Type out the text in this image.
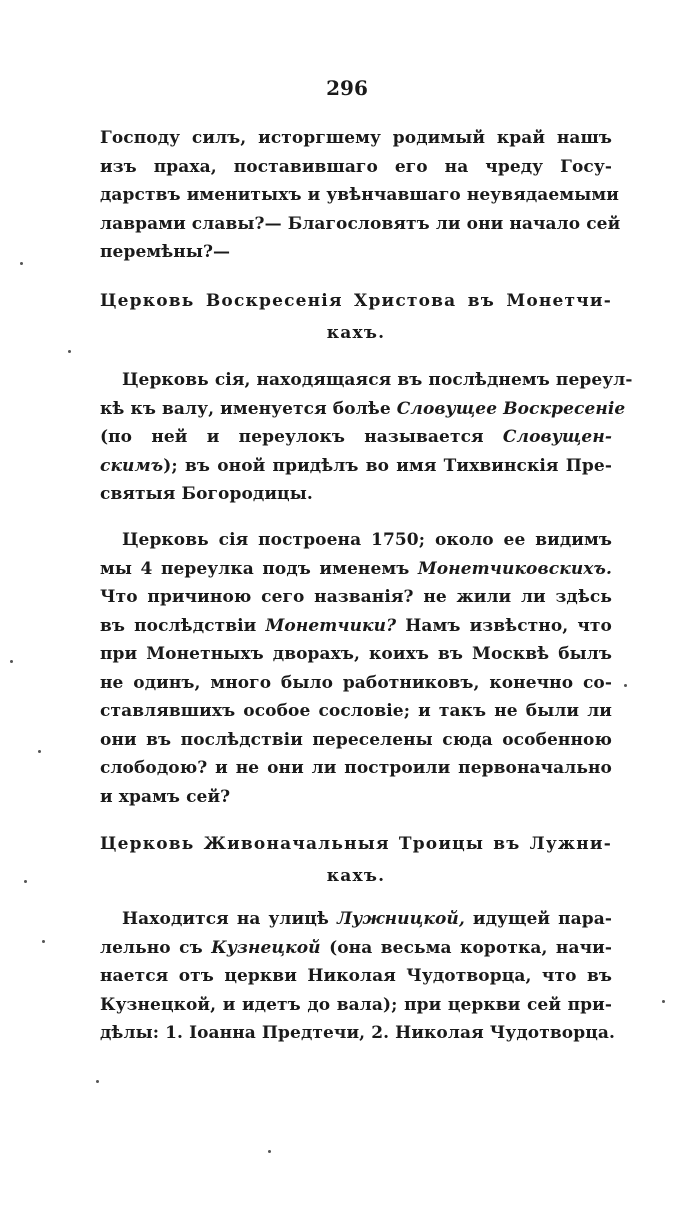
296
Господу силъ, исторгшему родимый край нашъ
изъ праха, поставившаго его на чреду Госу-
дарствъ именитыхъ и увѣнчавшаго неувядаемыми
лаврами славы?— Благословятъ ли они начало сей
перемѣны?—
Церковь Воскресенія Христова въ Монетчи-
кахъ.
Церковь сія, находящаяся въ послѣднемъ переул-
кѣ къ валу, именуется болѣе Словущее Воскресеніе
(по ней и переулокъ называется Словущен-
скимъ); въ оной придѣлъ во имя Тихвинскія Пре-
святыя Богородицы.
Церковь сія построена 1750; около ее видимъ
мы 4 переулка подъ именемъ Монетчиковскихъ.
Что причиною сего названія? не жили ли здѣсь
въ послѣдствіи Монетчики? Намъ извѣстно, что
при Монетныхъ дворахъ, коихъ въ Москвѣ былъ
не одинъ, много было работниковъ, конечно со-
ставлявшихъ особое сословіе; и такъ не были ли
они въ послѣдствіи переселены сюда особенною
слободою? и не они ли построили первоначально
и храмъ сей?
Церковь Живоначальныя Троицы въ Лужни-
кахъ.
Находится на улицѣ Лужницкой, идущей пара-
лельно съ Кузнецкой (она весьма коротка, начи-
нается отъ церкви Николая Чудотворца, что въ
Кузнецкой, и идетъ до вала); при церкви сей при-
дѣлы: 1. Іоанна Предтечи, 2. Николая Чудотворца.
